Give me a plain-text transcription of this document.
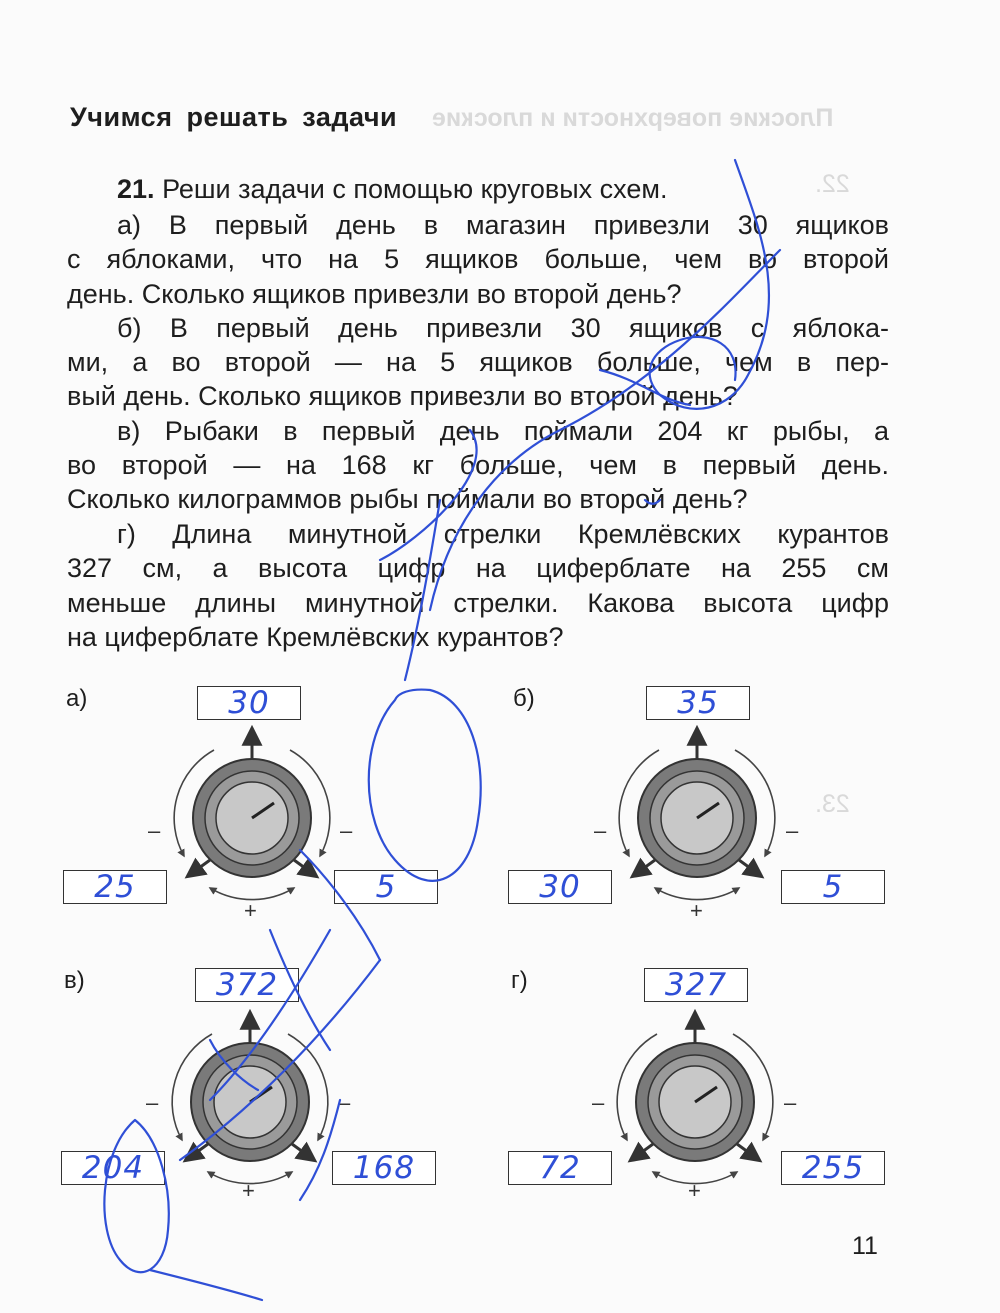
Плоские поверхности и плоские
22.
23.
Учимся решать задачи
21. Реши задачи с помощью круговых схем.
а) В первый день в магазин привезли 30 ящиков
с яблоками, что на 5 ящиков больше, чем во второй
день. Сколько ящиков привезли во второй день?
б) В первый день привезли 30 ящиков с яблока-
ми, а во второй — на 5 ящиков больше, чем в пер-
вый день. Сколько ящиков привезли во второй день?
в) Рыбаки в первый день поймали 204 кг рыбы, а
во второй — на 168 кг больше, чем в первый день.
Сколько килограммов рыбы поймали во второй день?
г) Длина минутной стрелки Кремлёвских курантов
327 см, а высота цифр на циферблате на 255 см
меньше длины минутной стрелки. Какова высота цифр
на циферблате Кремлёвских курантов?
а)	30
25	5
–	–
+
б)	35
30	5
–	–
+
в)	372
204	168
–	–
+
г)	327
72	255
–	–
+
11
